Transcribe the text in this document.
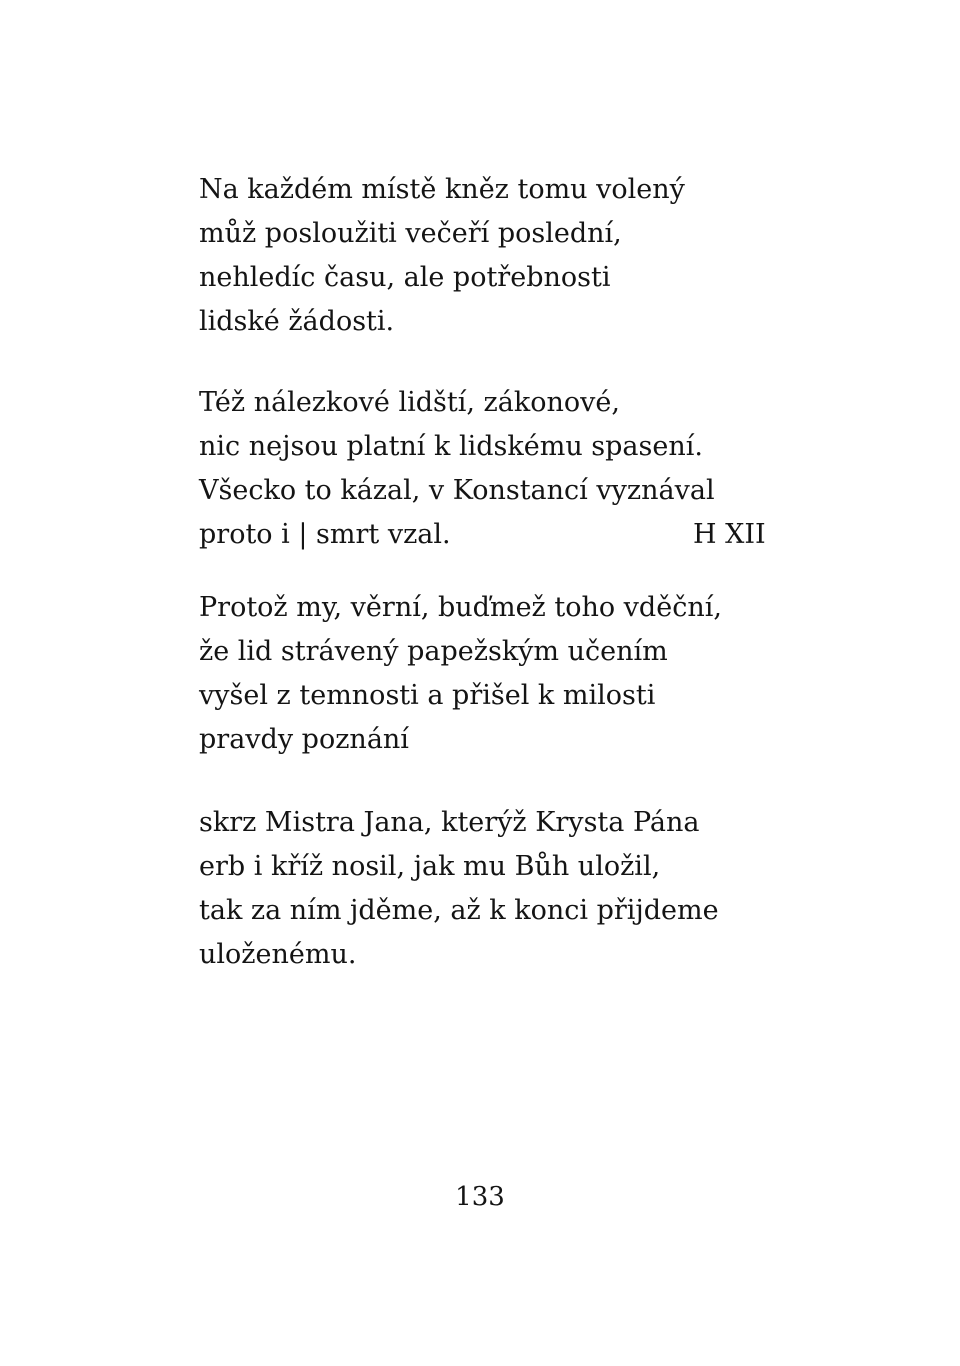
Na každém místě kněz tomu volený
můž posloužiti večeří poslední,
nehledíc času, ale potřebnosti
lidské žádosti.
Též nálezkové lidští, zákonové,
nic nejsou platní k lidskému spasení.
Všecko to kázal, v Konstancí vyznával
proto i | smrt vzal.	H XII
Protož my, věrní, buďmež toho vděční,
že lid strávený papežským učením
vyšel z temnosti a přišel k milosti
pravdy poznání
skrz Mistra Jana, kterýž Krysta Pána
erb i kříž nosil, jak mu Bůh uložil,
tak za ním jděme, až k konci přijdeme
uloženému.
133
